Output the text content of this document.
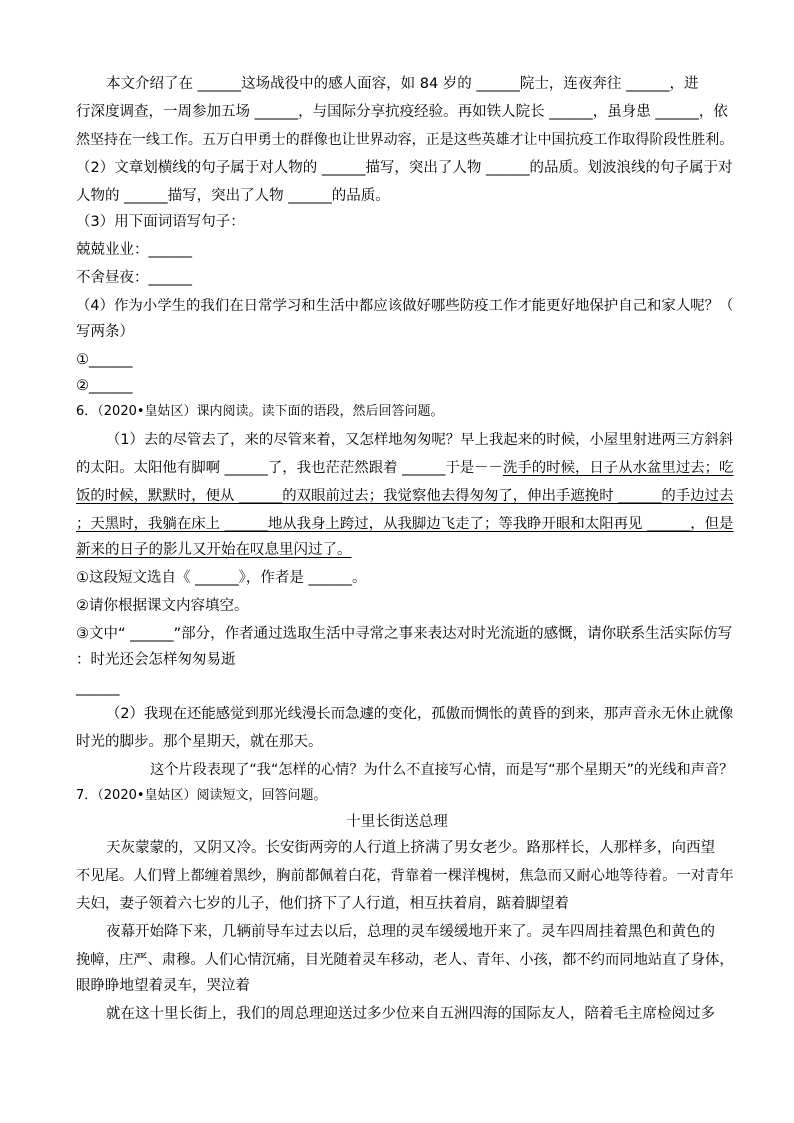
本文介绍了在 ______这场战役中的感人面容，如 84 岁的 ______院士，连夜奔往 ______，进
行深度调查，一周参加五场 ______，与国际分享抗疫经验。再如铁人院长 ______，虽身患 ______，依
然坚持在一线工作。五万白甲勇士的群像也让世界动容，正是这些英雄才让中国抗疫工作取得阶段性胜利。
（2）文章划横线的句子属于对人物的 ______描写，突出了人物 ______的品质。划波浪线的句子属于对
人物的 ______描写，突出了人物 ______的品质。
（3）用下面词语写句子：
兢兢业业：______
不舍昼夜：______
（4）作为小学生的我们在日常学习和生活中都应该做好哪些防疫工作才能更好地保护自己和家人呢？（
写两条）
①______
②______
6．（2020•皇姑区）课内阅读。读下面的语段，然后回答问题。
（1）去的尽管去了，来的尽管来着，又怎样地匆匆呢？早上我起来的时候，小屋里射进两三方斜斜
的太阳。太阳他有脚啊 ______了，我也茫茫然跟着 ______于是－－洗手的时候，日子从水盆里过去；吃
饭的时候，默默时，便从 ______的双眼前过去；我觉察他去得匆匆了，伸出手遮挽时 ______的手边过去
；天黑时，我躺在床上 ______地从我身上跨过，从我脚边飞走了；等我睁开眼和太阳再见 ______，但是
新来的日子的影儿又开始在叹息里闪过了。
①这段短文选自《 ______》，作者是 ______。
②请你根据课文内容填空。
③文中“ ______”部分，作者通过选取生活中寻常之事来表达对时光流逝的感慨，请你联系生活实际仿写
：时光还会怎样匆匆易逝
______
（2）我现在还能感觉到那光线漫长而急遽的变化，孤傲而惆怅的黄昏的到来，那声音永无休止就像
时光的脚步。那个星期天，就在那天。
这个片段表现了“我“怎样的心情？为什么不直接写心情，而是写“那个星期天”的光线和声音？
7．（2020•皇姑区）阅读短文，回答问题。
十里长街送总理
天灰蒙蒙的，又阴又冷。长安街两旁的人行道上挤满了男女老少。路那样长，人那样多，向西望
不见尾。人们臂上都缠着黑纱，胸前都佩着白花，背靠着一棵洋槐树，焦急而又耐心地等待着。一对青年
夫妇，妻子领着六七岁的儿子，他们挤下了人行道，相互扶着肩，踮着脚望着
夜幕开始降下来，几辆前导车过去以后，总理的灵车缓缓地开来了。灵车四周挂着黑色和黄色的
挽幛，庄严、肃穆。人们心情沉痛，目光随着灵车移动，老人、青年、小孩，都不约而同地站直了身体，
眼睁睁地望着灵车，哭泣着
就在这十里长街上，我们的周总理迎送过多少位来自五洲四海的国际友人，陪着毛主席检阅过多
